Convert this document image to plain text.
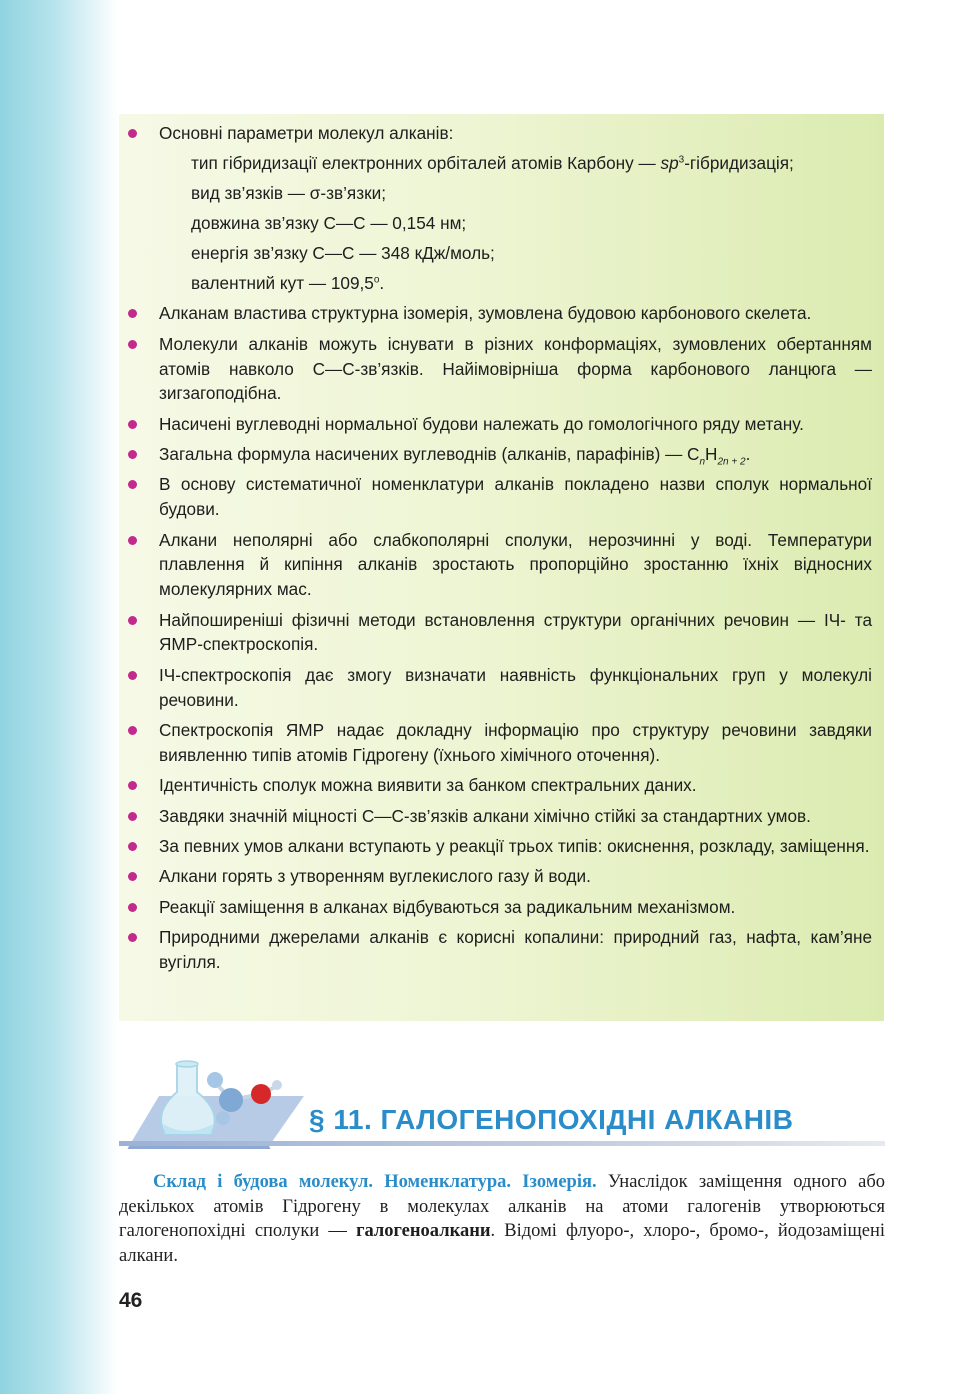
Основні параметри молекул алканів:
тип гібридизації електронних орбіталей атомів Карбону — $sp^3$-гібридизація;
вид зв’язків — σ-зв’язки;
довжина зв’язку С—С — 0,154 нм;
енергія зв’язку С—С — 348 кДж/моль;
валентний кут — 109,5$^o$.
Алканам властива структурна ізомерія, зумовлена будовою карбонового скелета.
Молекули алканів можуть існувати в різних конформаціях, зумовлених обертанням атомів навколо С—С-зв’язків. Найімовірніша форма карбонового ланцюга — зигзагоподібна.
Насичені вуглеводні нормальної будови належать до гомологічного ряду метану.
Загальна формула насичених вуглеводнів (алканів, парафінів) — $C_nH_{2n + 2}$.
В основу систематичної номенклатури алканів покладено назви сполук нормальної будови.
Алкани неполярні або слабкополярні сполуки, нерозчинні у воді. Температури плавлення й кипіння алканів зростають пропорційно зростанню їхніх відносних молекулярних мас.
Найпоширеніші фізичні методи встановлення структури органічних речовин — ІЧ- та ЯМР-спектроскопія.
ІЧ-спектроскопія дає змогу визначати наявність функціональних груп у молекулі речовини.
Спектроскопія ЯМР надає докладну інформацію про структуру речовини завдяки виявленню типів атомів Гідрогену (їхнього хімічного оточення).
Ідентичність сполук можна виявити за банком спектральних даних.
Завдяки значній міцності С—С-зв’язків алкани хімічно стійкі за стандартних умов.
За певних умов алкани вступають у реакції трьох типів: окиснення, розкладу, заміщення.
Алкани горять з утворенням вуглекислого газу й води.
Реакції заміщення в алканах відбуваються за радикальним механізмом.
Природними джерелами алканів є корисні копалини: природний газ, нафта, кам’яне вугілля.
§ 11. ГАЛОГЕНОПОХІДНІ АЛКАНІВ

Склад і будова молекул. Номенклатура. Ізомерія. Унаслідок заміщення одного або декількох атомів Гідрогену в молекулах алканів на атоми галогенів утворюються галогенопохідні сполуки — галогеноалкани. Відомі флуоро-, хлоро-, бромо-, йодозаміщені алкани.

46
